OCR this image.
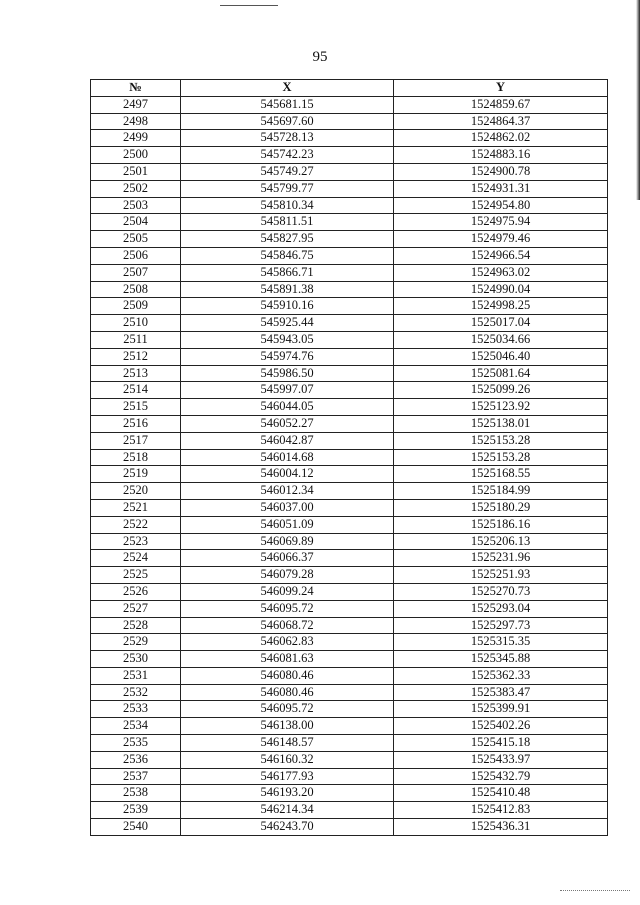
95
№	X	Y
2497	545681.15	1524859.67
2498	545697.60	1524864.37
2499	545728.13	1524862.02
2500	545742.23	1524883.16
2501	545749.27	1524900.78
2502	545799.77	1524931.31
2503	545810.34	1524954.80
2504	545811.51	1524975.94
2505	545827.95	1524979.46
2506	545846.75	1524966.54
2507	545866.71	1524963.02
2508	545891.38	1524990.04
2509	545910.16	1524998.25
2510	545925.44	1525017.04
2511	545943.05	1525034.66
2512	545974.76	1525046.40
2513	545986.50	1525081.64
2514	545997.07	1525099.26
2515	546044.05	1525123.92
2516	546052.27	1525138.01
2517	546042.87	1525153.28
2518	546014.68	1525153.28
2519	546004.12	1525168.55
2520	546012.34	1525184.99
2521	546037.00	1525180.29
2522	546051.09	1525186.16
2523	546069.89	1525206.13
2524	546066.37	1525231.96
2525	546079.28	1525251.93
2526	546099.24	1525270.73
2527	546095.72	1525293.04
2528	546068.72	1525297.73
2529	546062.83	1525315.35
2530	546081.63	1525345.88
2531	546080.46	1525362.33
2532	546080.46	1525383.47
2533	546095.72	1525399.91
2534	546138.00	1525402.26
2535	546148.57	1525415.18
2536	546160.32	1525433.97
2537	546177.93	1525432.79
2538	546193.20	1525410.48
2539	546214.34	1525412.83
2540	546243.70	1525436.31
